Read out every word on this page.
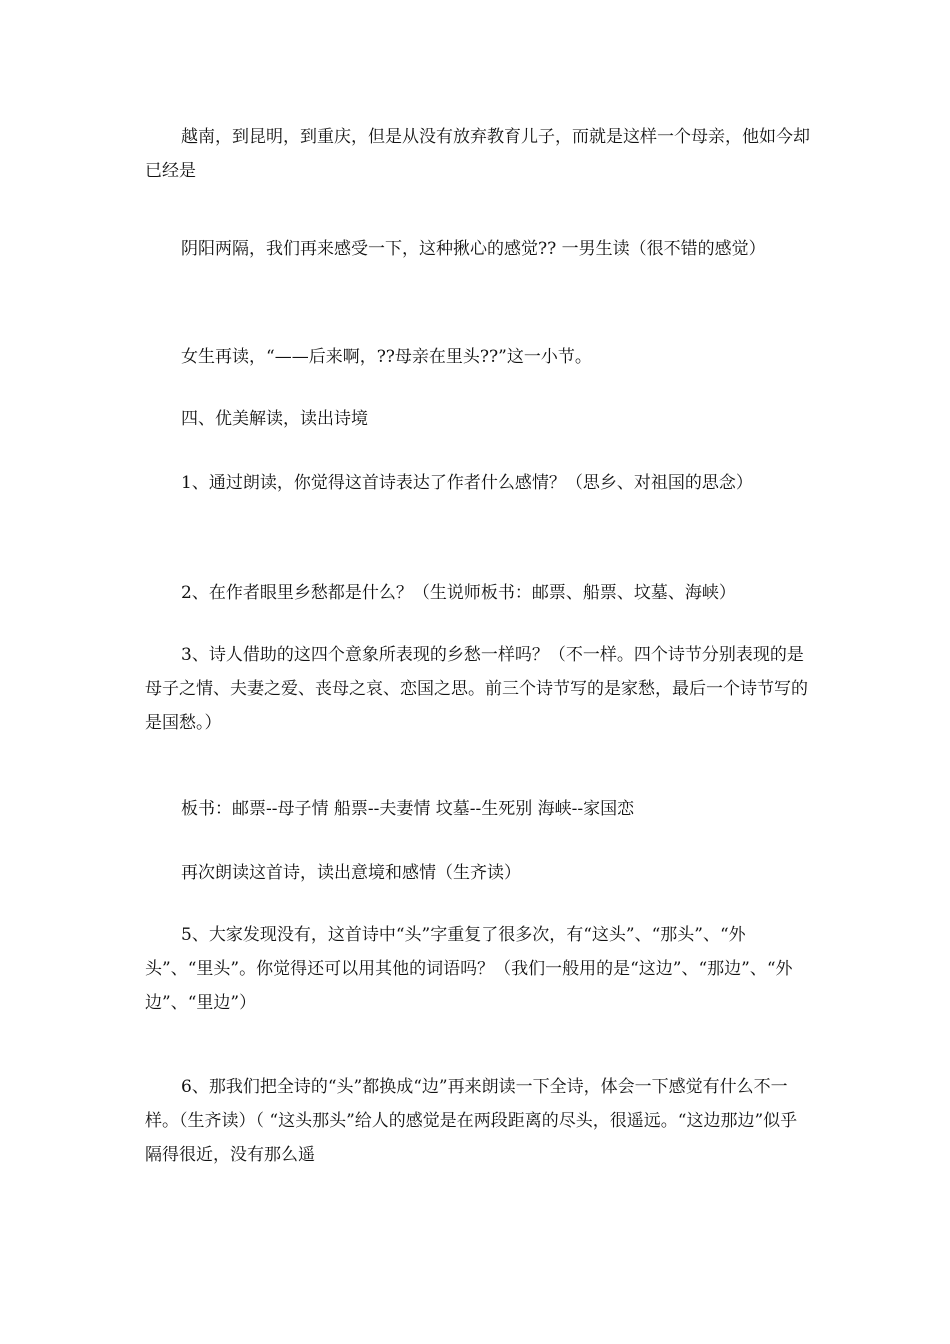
越南，到昆明，到重庆，但是从没有放弃教育儿子，而就是这样一个母亲，他如今却已经是

阴阳两隔，我们再来感受一下，这种揪心的感觉?? 一男生读（很不错的感觉）

女生再读，“——后来啊，??母亲在里头??”这一小节。

四、优美解读，读出诗境

1、通过朗读，你觉得这首诗表达了作者什么感情？（思乡、对祖国的思念）

2、在作者眼里乡愁都是什么？（生说师板书：邮票、船票、坟墓、海峡）

3、诗人借助的这四个意象所表现的乡愁一样吗？（不一样。四个诗节分别表现的是母子之情、夫妻之爱、丧母之哀、恋国之思。前三个诗节写的是家愁，最后一个诗节写的是国愁。）

板书：邮票--母子情 船票--夫妻情 坟墓--生死别 海峡--家国恋

再次朗读这首诗，读出意境和感情（生齐读）

5、大家发现没有，这首诗中“头”字重复了很多次，有“这头”、“那头”、“外头”、“里头”。你觉得还可以用其他的词语吗？（我们一般用的是“这边”、“那边”、“外边”、“里边”）

6、那我们把全诗的“头”都换成“边”再来朗读一下全诗，体会一下感觉有什么不一样。（生齐读）（ “这头那头”给人的感觉是在两段距离的尽头，很遥远。“这边那边”似乎隔得很近，没有那么遥
